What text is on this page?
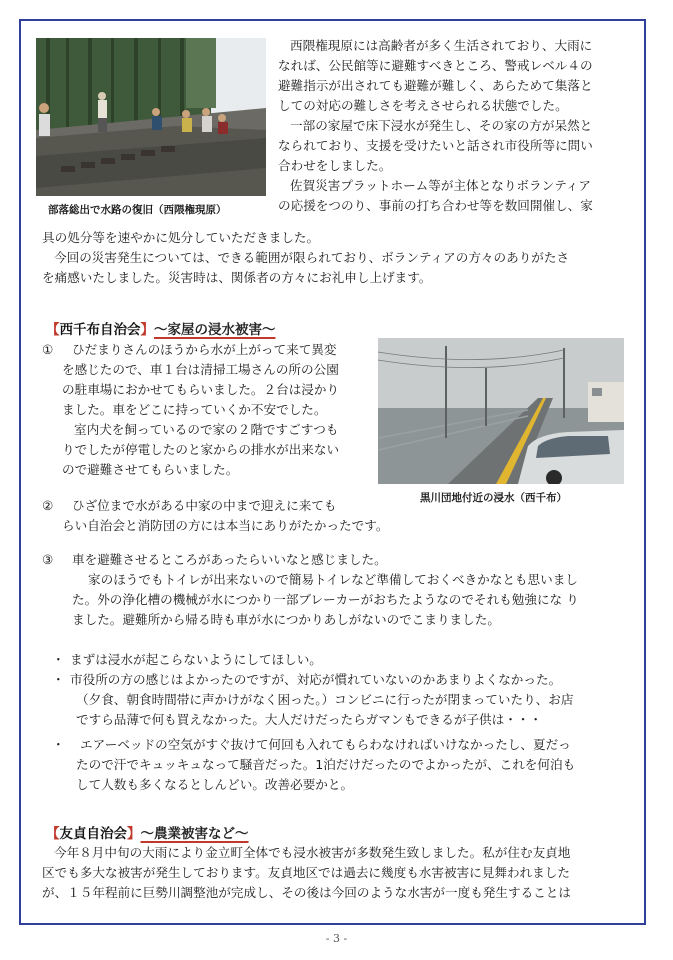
部落総出で水路の復旧（西隈権現原）
西隈権現原には高齢者が多く生活されており、大雨に
なれば、公民館等に避難すべきところ、警戒レベル４の
避難指示が出されても避難が難しく、あらためて集落と
しての対応の難しさを考えさせられる状態でした。
一部の家屋で床下浸水が発生し、その家の方が呆然と
なられており、支援を受けたいと話され市役所等に問い
合わせをしました。
佐賀災害プラットホーム等が主体となりボランティア
の応援をつのり、事前の打ち合わせ等を数回開催し、家
具の処分等を速やかに処分していただきました。
今回の災害発生については、できる範囲が限られており、ボランティアの方々のありがたさ
を痛感いたしました。災害時は、関係者の方々にお礼申し上げます。
【西千布自治会】～家屋の浸水被害～
黒川団地付近の浸水（西千布）
①	ひだまりさんのほうから水が上がって来て異変
を感じたので、車１台は清掃工場さんの所の公園
の駐車場におかせてもらいました。２台は浸かり
ました。車をどこに持っていくか不安でした。
室内犬を飼っているので家の２階ですごすつも
りでしたが停電したのと家からの排水が出来ない
ので避難させてもらいました。
②	ひざ位まで水がある中家の中まで迎えに来ても
らい自治会と消防団の方には本当にありがたかったです。
③	車を避難させるところがあったらいいなと感じました。
家のほうでもトイレが出来ないので簡易トイレなど準備しておくべきかなとも思いまし
た。外の浄化槽の機械が水につかり一部ブレーカーがおちたようなのでそれも勉強にな り
ました。避難所から帰る時も車が水につかりあしがないのでこまりました。
・ まずは浸水が起こらないようにしてほしい。
・ 市役所の方の感じはよかったのですが、対応が慣れていないのかあまりよくなかった。
（夕食、朝食時間帯に声かけがなく困った。）コンビニに行ったが閉まっていたり、お店
ですら品薄で何も買えなかった。大人だけだったらガマンもできるが子供は・・・
・	エアーベッドの空気がすぐ抜けて何回も入れてもらわなければいけなかったし、夏だっ
たので汗でキュッキュなって騒音だった。1泊だけだったのでよかったが、これを何泊も
して人数も多くなるとしんどい。改善必要かと。
【友貞自治会】～農業被害など～
今年８月中旬の大雨により金立町全体でも浸水被害が多数発生致しました。私が住む友貞地
区でも多大な被害が発生しております。友貞地区では過去に幾度も水害被害に見舞われました
が、１５年程前に巨勢川調整池が完成し、その後は今回のような水害が一度も発生することは
- 3 -
